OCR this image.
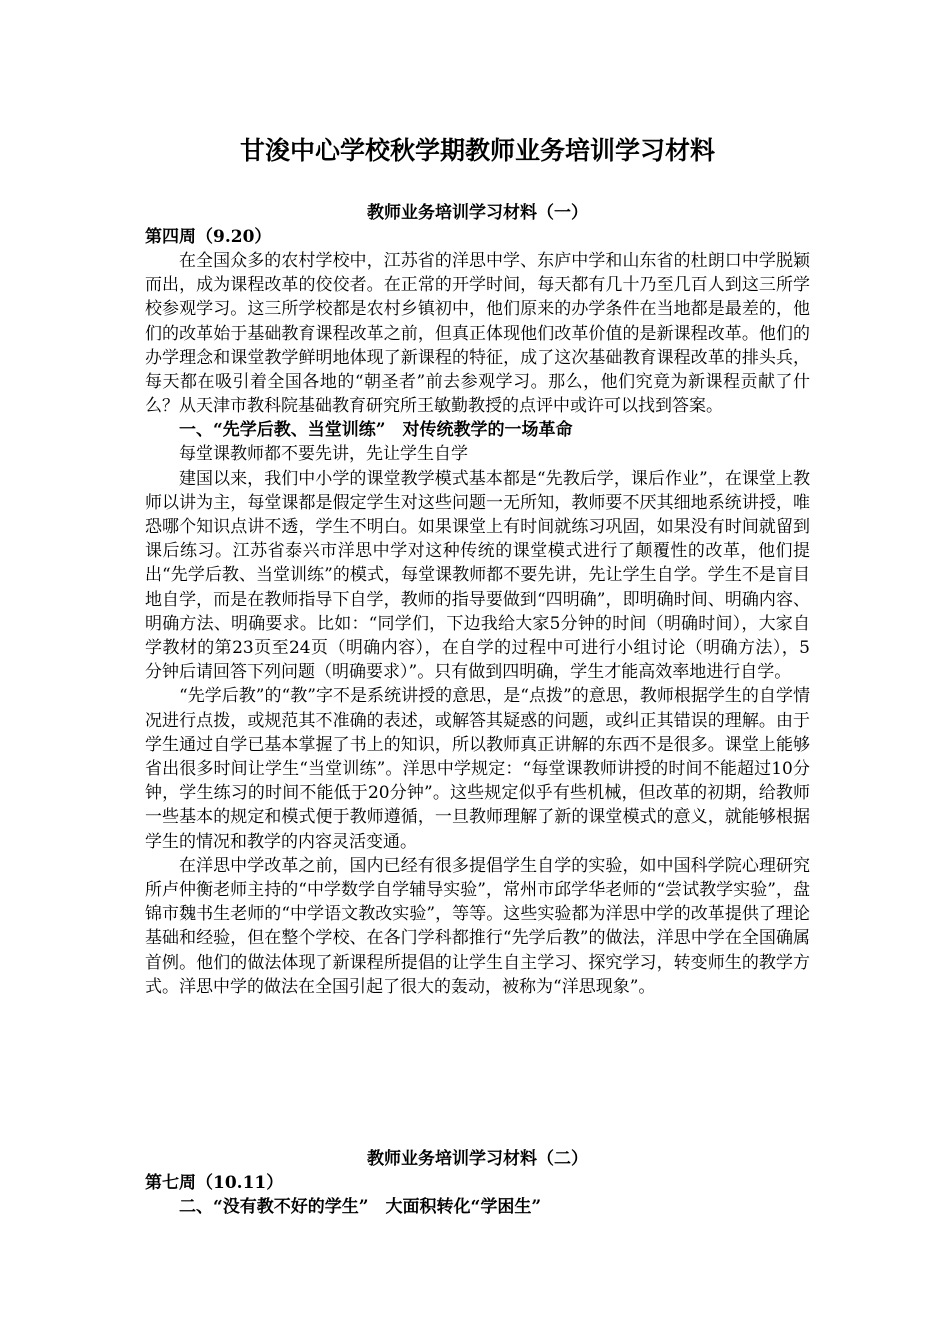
甘浚中心学校秋学期教师业务培训学习材料
教师业务培训学习材料（一）
第四周（9.20）

在全国众多的农村学校中，江苏省的洋思中学、东庐中学和山东省的杜朗口中学脱颖而出，成为课程改革的佼佼者。在正常的开学时间，每天都有几十乃至几百人到这三所学校参观学习。这三所学校都是农村乡镇初中，他们原来的办学条件在当地都是最差的，他们的改革始于基础教育课程改革之前，但真正体现他们改革价值的是新课程改革。他们的办学理念和课堂教学鲜明地体现了新课程的特征，成了这次基础教育课程改革的排头兵，每天都在吸引着全国各地的“朝圣者”前去参观学习。那么，他们究竟为新课程贡献了什么？从天津市教科院基础教育研究所王敏勤教授的点评中或许可以找到答案。

一、“先学后教、当堂训练”　对传统教学的一场革命

每堂课教师都不要先讲，先让学生自学

建国以来，我们中小学的课堂教学模式基本都是“先教后学，课后作业”，在课堂上教师以讲为主，每堂课都是假定学生对这些问题一无所知，教师要不厌其细地系统讲授，唯恐哪个知识点讲不透，学生不明白。如果课堂上有时间就练习巩固，如果没有时间就留到课后练习。江苏省泰兴市洋思中学对这种传统的课堂模式进行了颠覆性的改革，他们提出“先学后教、当堂训练”的模式，每堂课教师都不要先讲，先让学生自学。学生不是盲目地自学，而是在教师指导下自学，教师的指导要做到“四明确”，即明确时间、明确内容、明确方法、明确要求。比如：“同学们，下边我给大家5分钟的时间（明确时间），大家自学教材的第23页至24页（明确内容），在自学的过程中可进行小组讨论（明确方法），5分钟后请回答下列问题（明确要求）”。只有做到四明确，学生才能高效率地进行自学。

“先学后教”的“教”字不是系统讲授的意思，是“点拨”的意思，教师根据学生的自学情况进行点拨，或规范其不准确的表述，或解答其疑惑的问题，或纠正其错误的理解。由于学生通过自学已基本掌握了书上的知识，所以教师真正讲解的东西不是很多。课堂上能够省出很多时间让学生“当堂训练”。洋思中学规定：“每堂课教师讲授的时间不能超过10分钟，学生练习的时间不能低于20分钟”。这些规定似乎有些机械，但改革的初期，给教师一些基本的规定和模式便于教师遵循，一旦教师理解了新的课堂模式的意义，就能够根据学生的情况和教学的内容灵活变通。

在洋思中学改革之前，国内已经有很多提倡学生自学的实验，如中国科学院心理研究所卢仲衡老师主持的“中学数学自学辅导实验”，常州市邱学华老师的“尝试教学实验”，盘锦市魏书生老师的“中学语文教改实验”，等等。这些实验都为洋思中学的改革提供了理论基础和经验，但在整个学校、在各门学科都推行“先学后教”的做法，洋思中学在全国确属首例。他们的做法体现了新课程所提倡的让学生自主学习、探究学习，转变师生的教学方式。洋思中学的做法在全国引起了很大的轰动，被称为“洋思现象”。

教师业务培训学习材料（二）
第七周（10.11）
二、“没有教不好的学生”　大面积转化“学困生”
